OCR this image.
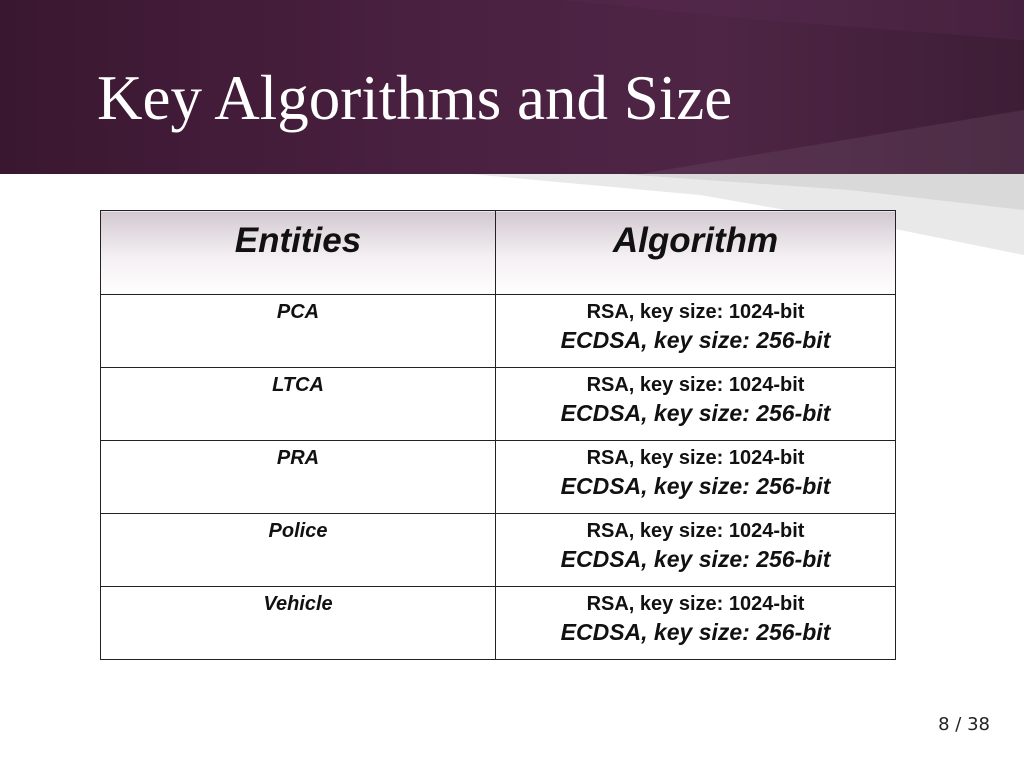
Key Algorithms and Size
Entities	Algorithm
PCA	RSA, key size: 1024-bit
ECDSA, key size: 256-bit

LTCA	RSA, key size: 1024-bit
ECDSA, key size: 256-bit

PRA	RSA, key size: 1024-bit
ECDSA, key size: 256-bit

Police	RSA, key size: 1024-bit
ECDSA, key size: 256-bit

Vehicle	RSA, key size: 1024-bit
ECDSA, key size: 256-bit
8 / 38
